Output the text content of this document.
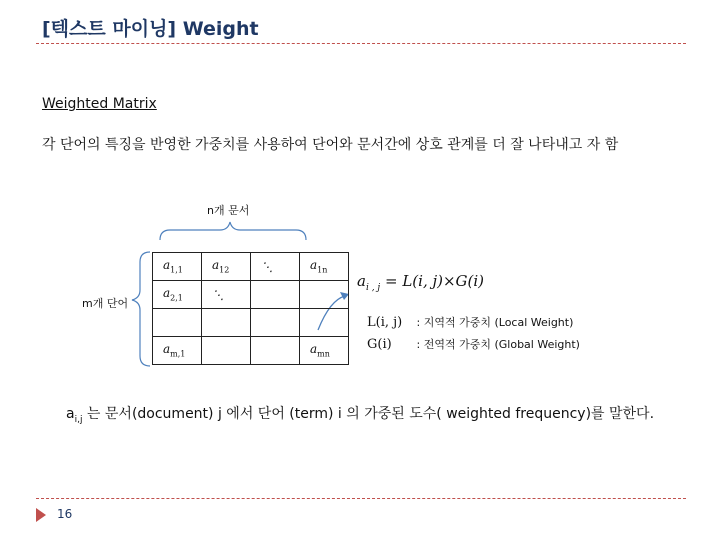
[텍스트 마이닝] Weight
Weighted Matrix
각 단어의 특징을 반영한 가중치를 사용하여 단어와 문서간에 상호 관계를 더 잘 나타내고 자 함
n개 문서
m개 단어
$a_{1,1}$	$a_{12}$	⋱	$a_{1n}$
$a_{2,1}$	⋱		

$a_{m,1}$			$a_{mn}$
$a_{i , j} = L(i$, j)×G(i)
L(i, j) : 지역적 가중치 (Local Weight)
G(i) : 전역적 가중치 (Global Weight)
$a_{i,j}$ 는 문서(document) j 에서 단어 (term) i 의 가중된 도수( weighted frequency)를 말한다.
16
